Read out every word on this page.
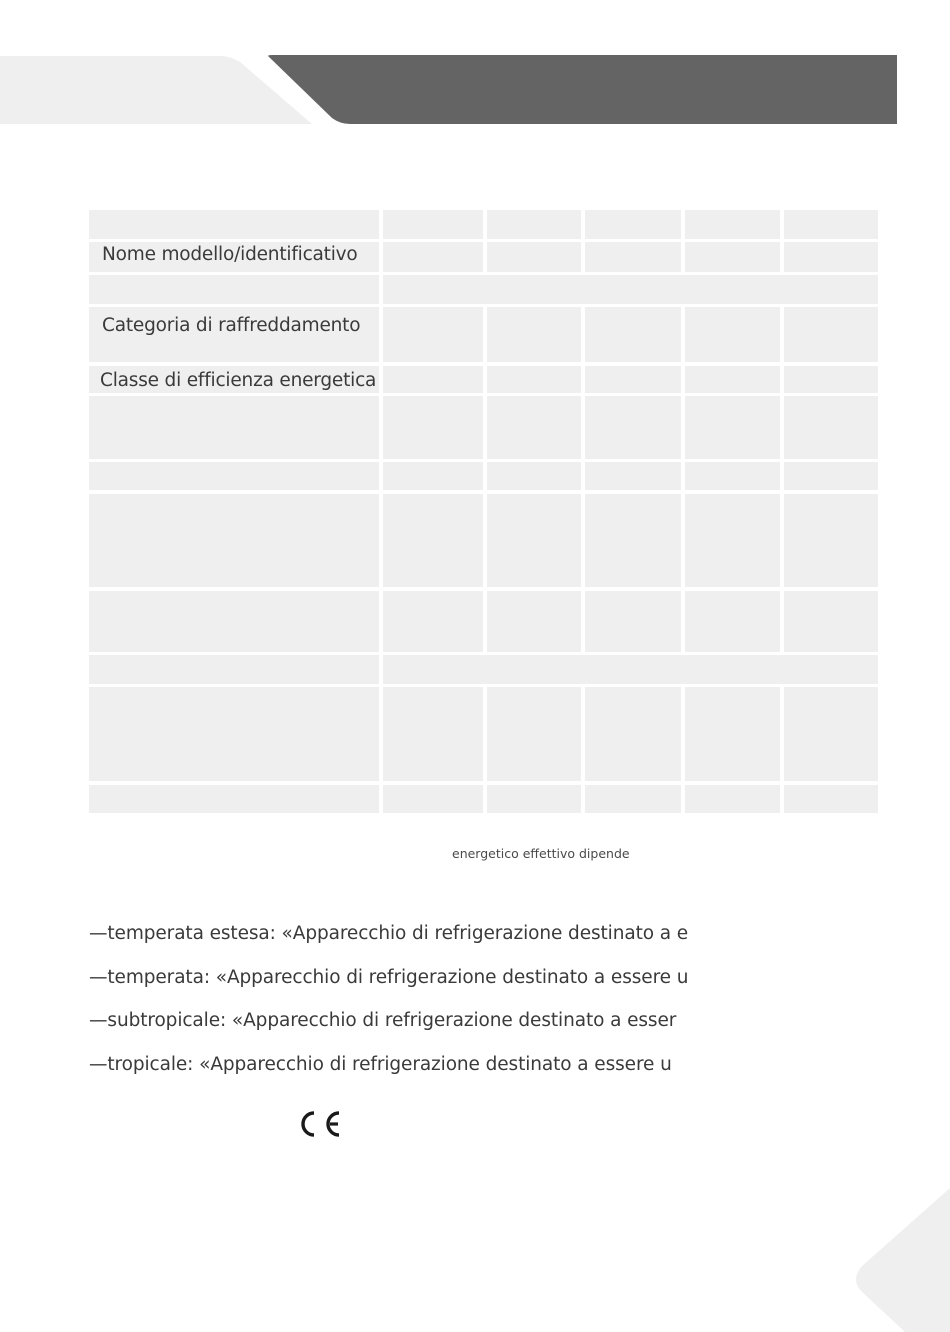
Nome modello/identificativo
Categoria di raffreddamento
Classe di efficienza energetica
energetico effettivo dipende
—temperata estesa: «Apparecchio di refrigerazione destinato a e
—temperata: «Apparecchio di refrigerazione destinato a essere u
—subtropicale: «Apparecchio di refrigerazione destinato a esser
—tropicale: «Apparecchio di refrigerazione destinato a essere u
